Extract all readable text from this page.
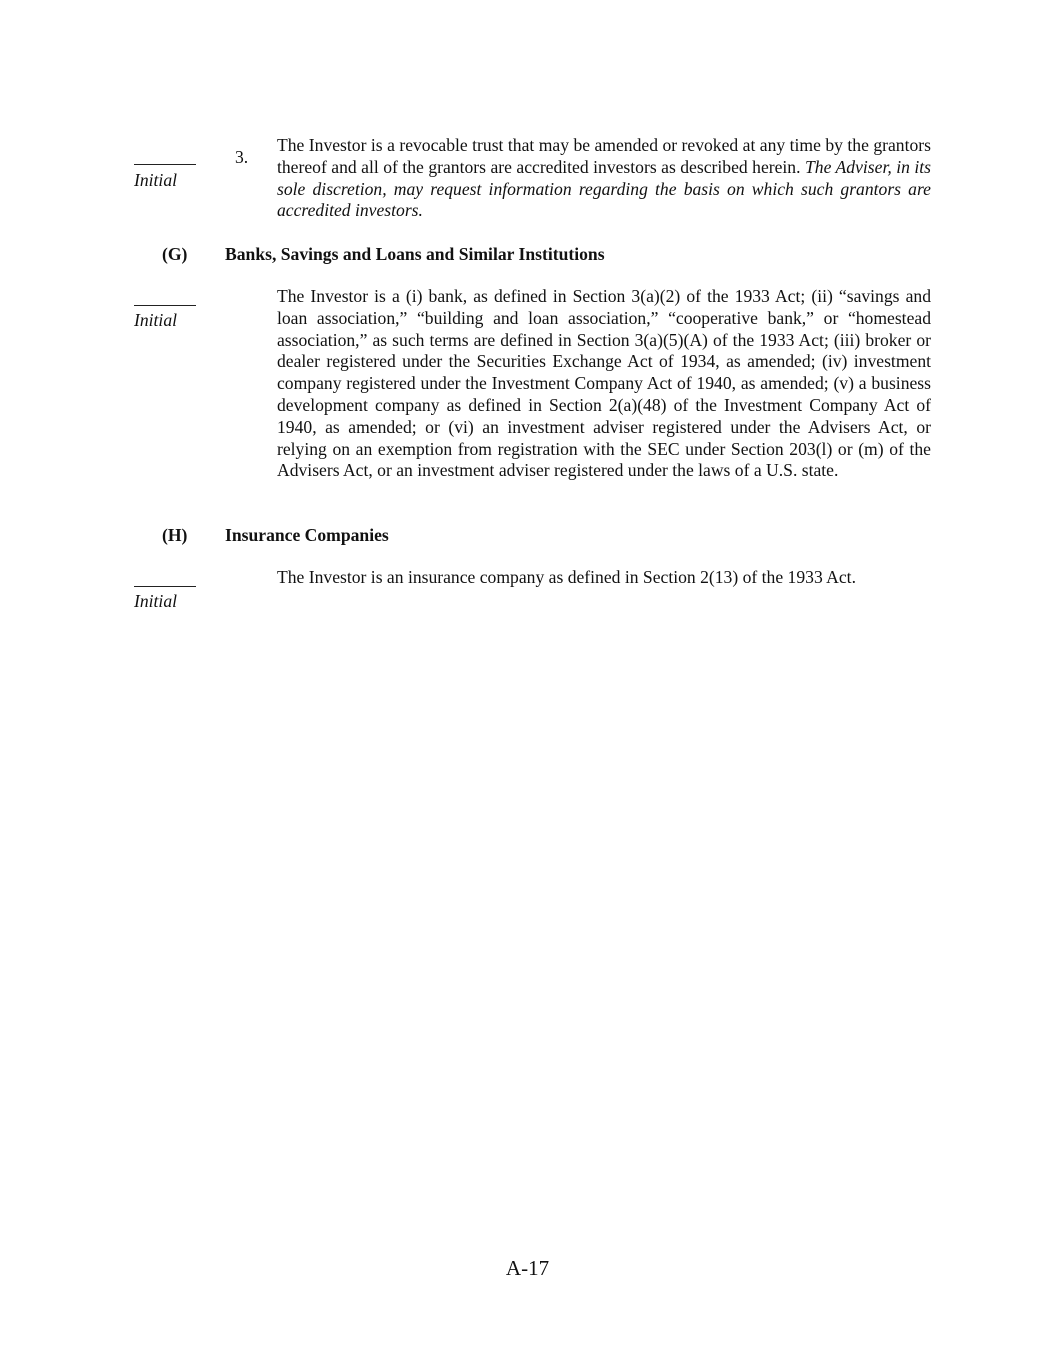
Initial
3.
The Investor is a revocable trust that may be amended or revoked at any time by the grantors thereof and all of the grantors are accredited investors as described herein. The Adviser, in its sole discretion, may request information regarding the basis on which such grantors are accredited investors.
(G) Banks, Savings and Loans and Similar Institutions
Initial
The Investor is a (i) bank, as defined in Section 3(a)(2) of the 1933 Act; (ii) “savings and loan association,” “building and loan association,” “cooperative bank,” or “homestead association,” as such terms are defined in Section 3(a)(5)(A) of the 1933 Act; (iii) broker or dealer registered under the Securities Exchange Act of 1934, as amended; (iv) investment company registered under the Investment Company Act of 1940, as amended; (v) a business development company as defined in Section 2(a)(48) of the Investment Company Act of 1940, as amended; or (vi) an investment adviser registered under the Advisers Act, or relying on an exemption from registration with the SEC under Section 203(l) or (m) of the Advisers Act, or an investment adviser registered under the laws of a U.S. state.
(H) Insurance Companies
Initial
The Investor is an insurance company as defined in Section 2(13) of the 1933 Act.
A-17
